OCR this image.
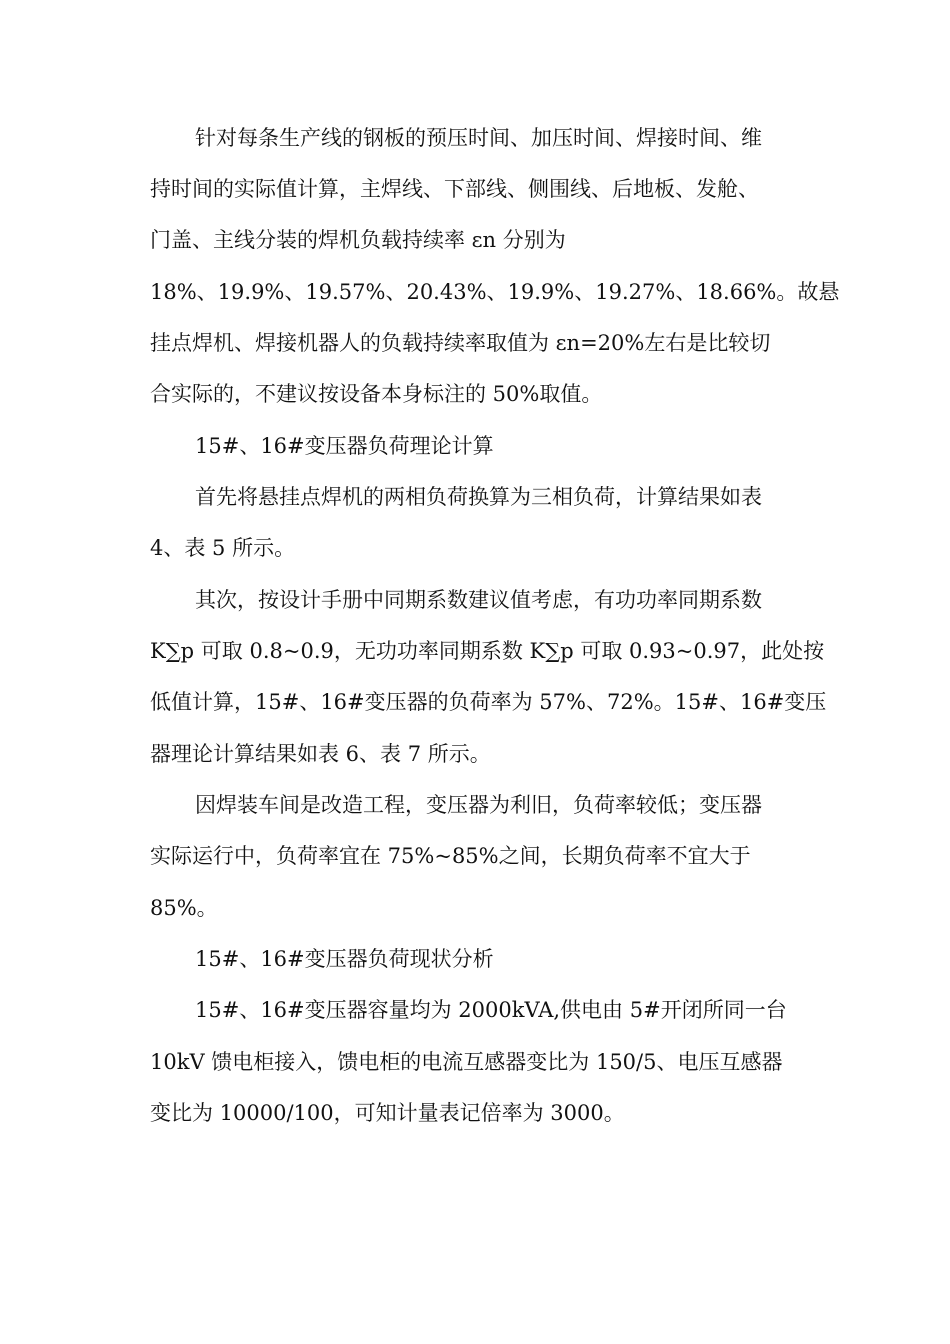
针对每条生产线的钢板的预压时间、加压时间、焊接时间、维
持时间的实际值计算，主焊线、下部线、侧围线、后地板、发舱、
门盖、主线分装的焊机负载持续率 εn 分别为
18%、19.9%、19.57%、20.43%、19.9%、19.27%、18.66%。故悬
挂点焊机、焊接机器人的负载持续率取值为 εn=20%左右是比较切
合实际的，不建议按设备本身标注的 50%取值。
15#、16#变压器负荷理论计算
首先将悬挂点焊机的两相负荷换算为三相负荷，计算结果如表
4、表 5 所示。
其次，按设计手册中同期系数建议值考虑，有功功率同期系数
K∑p 可取 0.8~0.9，无功功率同期系数 K∑p 可取 0.93~0.97，此处按
低值计算，15#、16#变压器的负荷率为 57%、72%。15#、16#变压
器理论计算结果如表 6、表 7 所示。
因焊装车间是改造工程，变压器为利旧，负荷率较低；变压器
实际运行中，负荷率宜在 75%~85%之间，长期负荷率不宜大于
85%。
15#、16#变压器负荷现状分析
15#、16#变压器容量均为 2000kVA,供电由 5#开闭所同一台
10kV 馈电柜接入，馈电柜的电流互感器变比为 150/5、电压互感器
变比为 10000/100，可知计量表记倍率为 3000。
